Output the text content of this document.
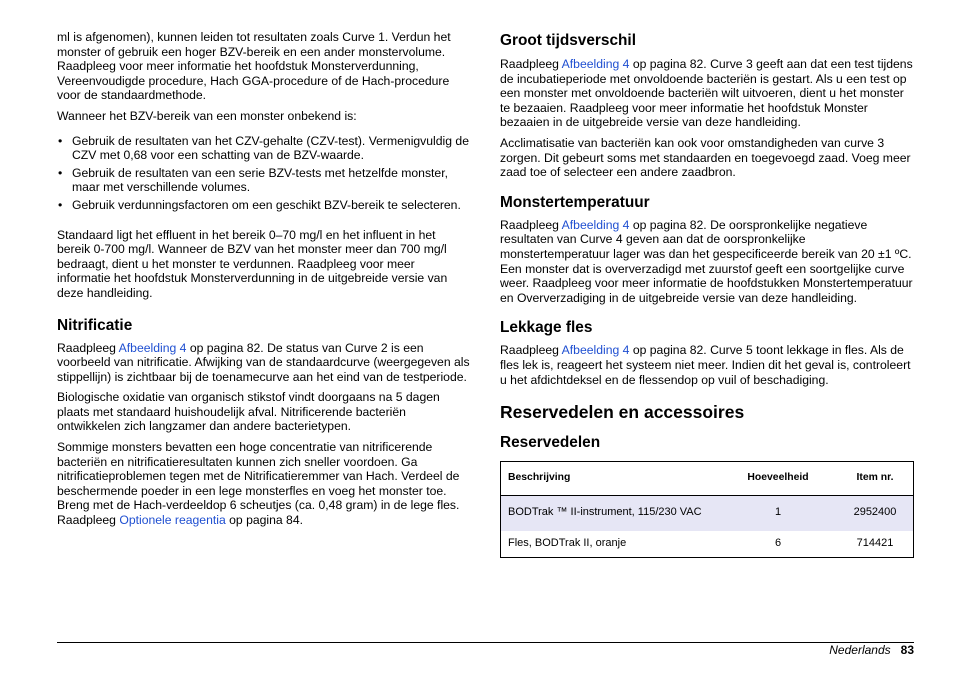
ml is afgenomen), kunnen leiden tot resultaten zoals Curve 1. Verdun het monster of gebruik een hoger BZV-bereik en een ander monstervolume. Raadpleeg voor meer informatie het hoofdstuk Monsterverdunning, Vereenvoudigde procedure, Hach GGA-procedure of de Hach-procedure voor de standaardmethode.

Wanneer het BZV-bereik van een monster onbekend is:

• Gebruik de resultaten van het CZV-gehalte (CZV-test). Vermenigvuldig de CZV met 0,68 voor een schatting van de BZV-waarde.
• Gebruik de resultaten van een serie BZV-tests met hetzelfde monster, maar met verschillende volumes.
• Gebruik verdunningsfactoren om een geschikt BZV-bereik te selecteren.

Standaard ligt het effluent in het bereik 0–70 mg/l en het influent in het bereik 0-700 mg/l. Wanneer de BZV van het monster meer dan 700 mg/l bedraagt, dient u het monster te verdunnen. Raadpleeg voor meer informatie het hoofdstuk Monsterverdunning in de uitgebreide versie van deze handleiding.

Nitrificatie

Raadpleeg Afbeelding 4 op pagina 82. De status van Curve 2 is een voorbeeld van nitrificatie. Afwijking van de standaardcurve (weergegeven als stippellijn) is zichtbaar bij de toenamecurve aan het eind van de testperiode.

Biologische oxidatie van organisch stikstof vindt doorgaans na 5 dagen plaats met standaard huishoudelijk afval. Nitrificerende bacteriën ontwikkelen zich langzamer dan andere bacterietypen.

Sommige monsters bevatten een hoge concentratie van nitrificerende bacteriën en nitrificatieresultaten kunnen zich sneller voordoen. Ga nitrificatieproblemen tegen met de Nitrificatieremmer van Hach. Verdeel de beschermende poeder in een lege monsterfles en voeg het monster toe. Breng met de Hach-verdeeldop 6 scheutjes (ca. 0,48 gram) in de lege fles. Raadpleeg Optionele reagentia op pagina 84.

Groot tijdsverschil

Raadpleeg Afbeelding 4 op pagina 82. Curve 3 geeft aan dat een test tijdens de incubatieperiode met onvoldoende bacteriën is gestart. Als u een test op een monster met onvoldoende bacteriën wilt uitvoeren, dient u het monster te bezaaien. Raadpleeg voor meer informatie het hoofdstuk Monster bezaaien in de uitgebreide versie van deze handleiding.

Acclimatisatie van bacteriën kan ook voor omstandigheden van curve 3 zorgen. Dit gebeurt soms met standaarden en toegevoegd zaad. Voeg meer zaad toe of selecteer een andere zaadbron.

Monstertemperatuur

Raadpleeg Afbeelding 4 op pagina 82. De oorspronkelijke negatieve resultaten van Curve 4 geven aan dat de oorspronkelijke monstertemperatuur lager was dan het gespecificeerde bereik van 20 ±1 ºC. Een monster dat is oververzadigd met zuurstof geeft een soortgelijke curve weer. Raadpleeg voor meer informatie de hoofdstukken Monstertemperatuur en Oververzadiging in de uitgebreide versie van deze handleiding.

Lekkage fles

Raadpleeg Afbeelding 4 op pagina 82. Curve 5 toont lekkage in fles. Als de fles lek is, reageert het systeem niet meer. Indien dit het geval is, controleert u het afdichtdeksel en de flessendop op vuil of beschadiging.

Reservedelen en accessoires
Reservedelen
Beschrijving	Hoeveelheid	Item nr.
BODTrak ™ II-instrument, 115/230 VAC	1	2952400
Fles, BODTrak II, oranje	6	714421
Nederlands 83
